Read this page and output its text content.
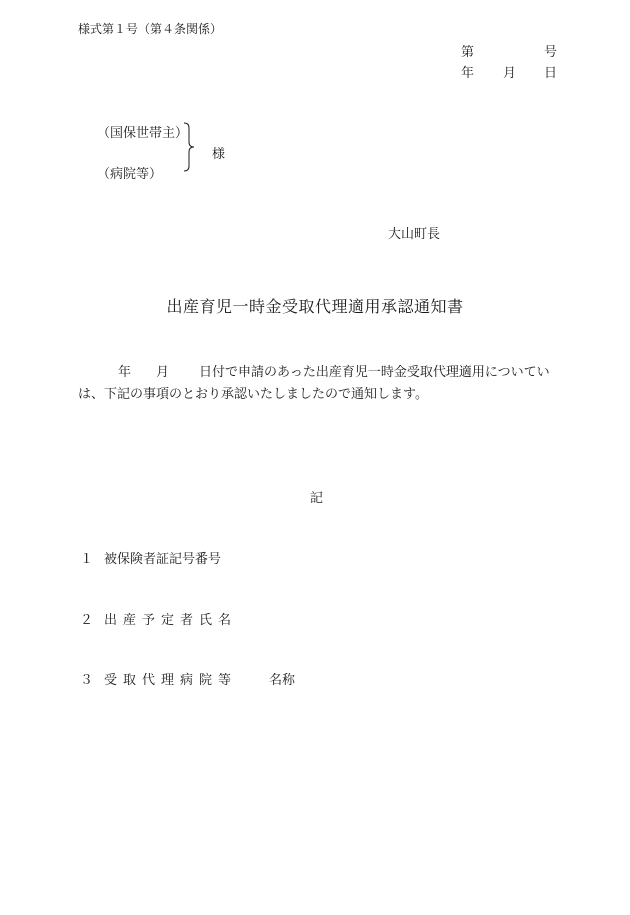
様式第１号（第４条関係）
第	号
年 月 日
（国保世帯主）
（病院等）
様
大山町長
出産育児一時金受取代理適用承認通知書
年 月 日付で申請のあった出産育児一時金受取代理適用についてい
は、下記の事項のとおり承認いたしましたので通知します。
記
１ 被保険者証記号番号
２ 出産予定者氏名
３ 受取代理病院等 名称
